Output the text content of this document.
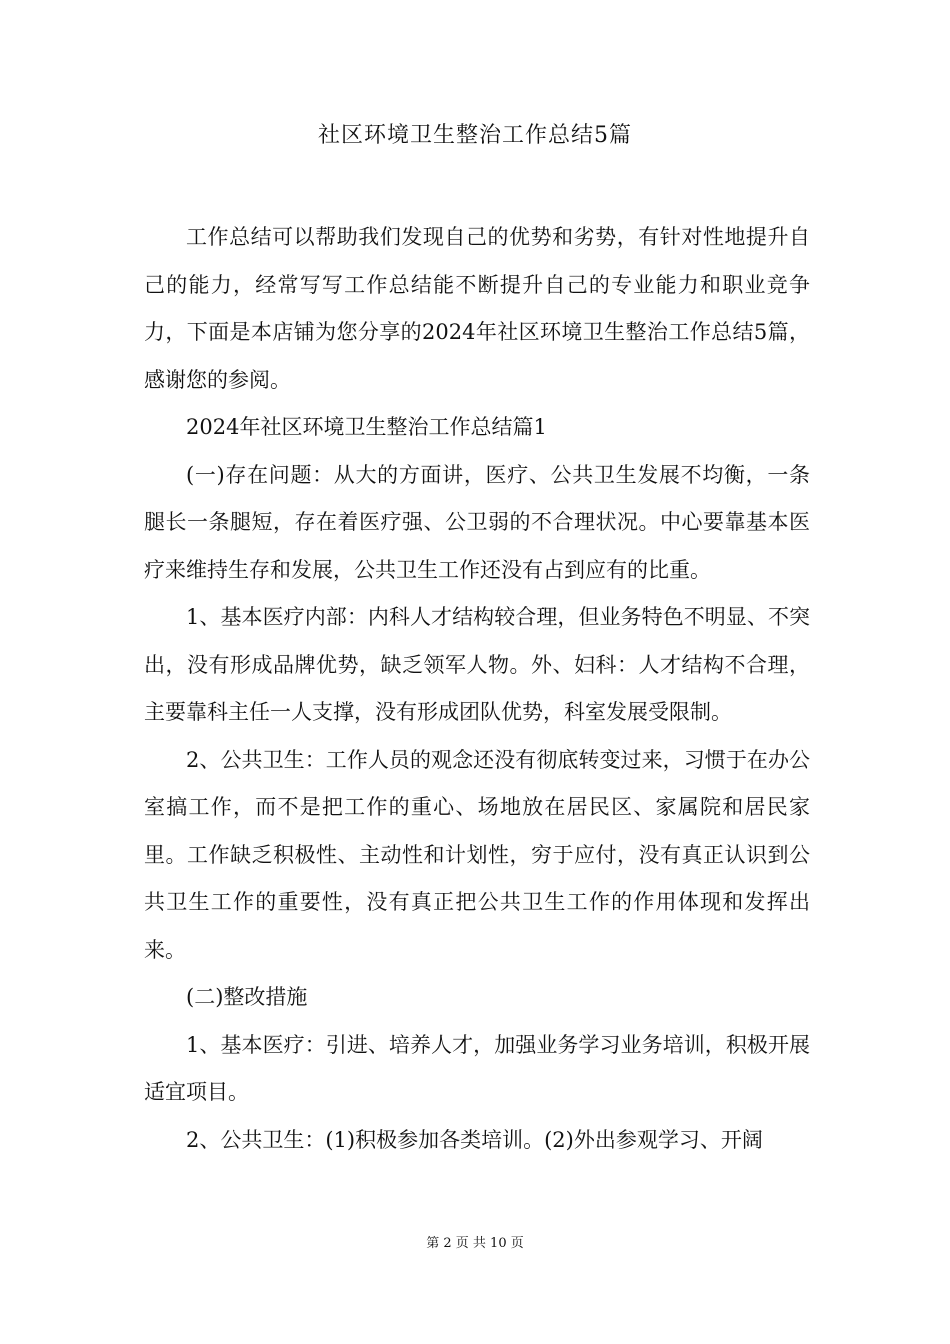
社区环境卫生整治工作总结5篇

工作总结可以帮助我们发现自己的优势和劣势，有针对性地提升自己的能力，经常写写工作总结能不断提升自己的专业能力和职业竞争力，下面是本店铺为您分享的2024年社区环境卫生整治工作总结5篇，感谢您的参阅。

2024年社区环境卫生整治工作总结篇1

(一)存在问题：从大的方面讲，医疗、公共卫生发展不均衡，一条腿长一条腿短，存在着医疗强、公卫弱的不合理状况。中心要靠基本医疗来维持生存和发展，公共卫生工作还没有占到应有的比重。

1、基本医疗内部：内科人才结构较合理，但业务特色不明显、不突出，没有形成品牌优势，缺乏领军人物。外、妇科：人才结构不合理，主要靠科主任一人支撑，没有形成团队优势，科室发展受限制。

2、公共卫生：工作人员的观念还没有彻底转变过来，习惯于在办公室搞工作，而不是把工作的重心、场地放在居民区、家属院和居民家里。工作缺乏积极性、主动性和计划性，穷于应付，没有真正认识到公共卫生工作的重要性，没有真正把公共卫生工作的作用体现和发挥出来。

(二)整改措施

1、基本医疗：引进、培养人才，加强业务学习业务培训，积极开展适宜项目。

2、公共卫生：(1)积极参加各类培训。(2)外出参观学习、开阔

第 2 页 共 10 页
